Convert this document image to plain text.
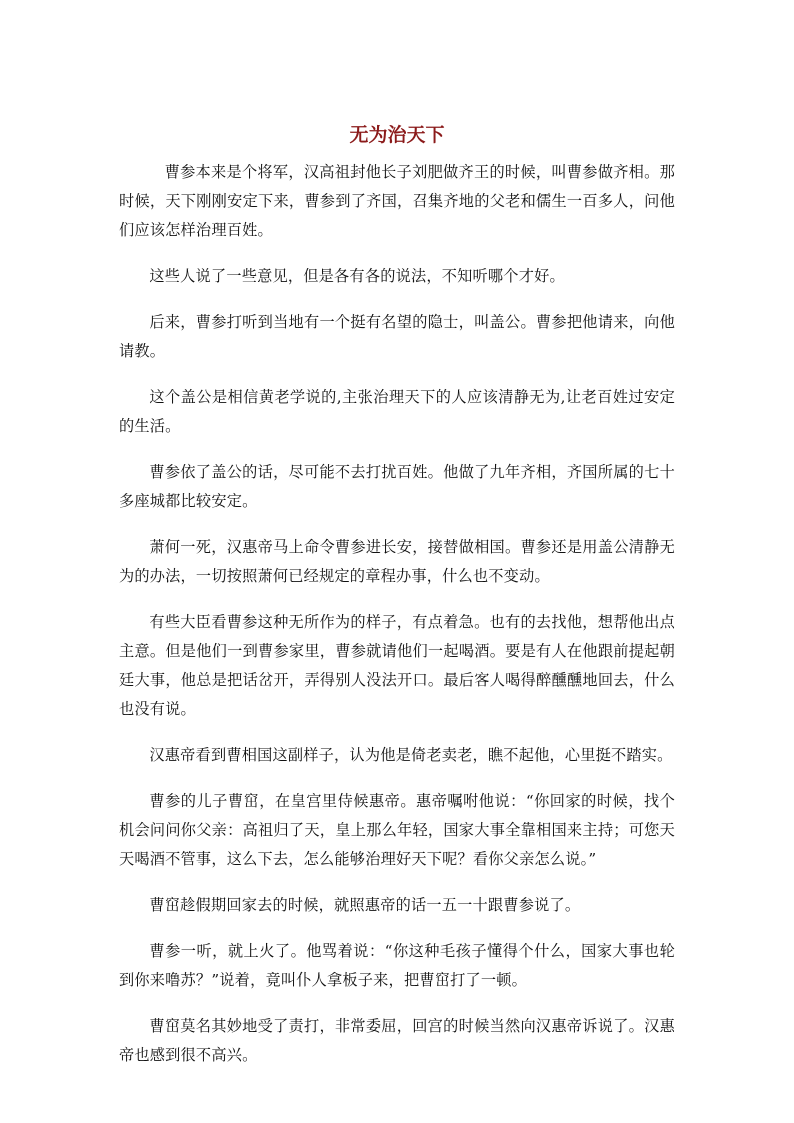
无为治天下

曹参本来是个将军，汉高祖封他长子刘肥做齐王的时候，叫曹参做齐相。那时候，天下刚刚安定下来，曹参到了齐国，召集齐地的父老和儒生一百多人，问他们应该怎样治理百姓。

这些人说了一些意见，但是各有各的说法，不知听哪个才好。

后来，曹参打听到当地有一个挺有名望的隐士，叫盖公。曹参把他请来，向他请教。

这个盖公是相信黄老学说的,主张治理天下的人应该清静无为,让老百姓过安定的生活。

曹参依了盖公的话，尽可能不去打扰百姓。他做了九年齐相，齐国所属的七十多座城都比较安定。

萧何一死，汉惠帝马上命令曹参进长安，接替做相国。曹参还是用盖公清静无为的办法，一切按照萧何已经规定的章程办事，什么也不变动。

有些大臣看曹参这种无所作为的样子，有点着急。也有的去找他，想帮他出点主意。但是他们一到曹参家里，曹参就请他们一起喝酒。要是有人在他跟前提起朝廷大事，他总是把话岔开，弄得别人没法开口。最后客人喝得醉醺醺地回去，什么也没有说。

汉惠帝看到曹相国这副样子，认为他是倚老卖老，瞧不起他，心里挺不踏实。

曹参的儿子曹窋，在皇宫里侍候惠帝。惠帝嘱咐他说：“你回家的时候，找个机会问问你父亲：高祖归了天，皇上那么年轻，国家大事全靠相国来主持；可您天天喝酒不管事，这么下去，怎么能够治理好天下呢？看你父亲怎么说。”

曹窋趁假期回家去的时候，就照惠帝的话一五一十跟曹参说了。

曹参一听，就上火了。他骂着说：“你这种毛孩子懂得个什么，国家大事也轮到你来噜苏？”说着，竟叫仆人拿板子来，把曹窋打了一顿。

曹窋莫名其妙地受了责打，非常委屈，回宫的时候当然向汉惠帝诉说了。汉惠帝也感到很不高兴。
